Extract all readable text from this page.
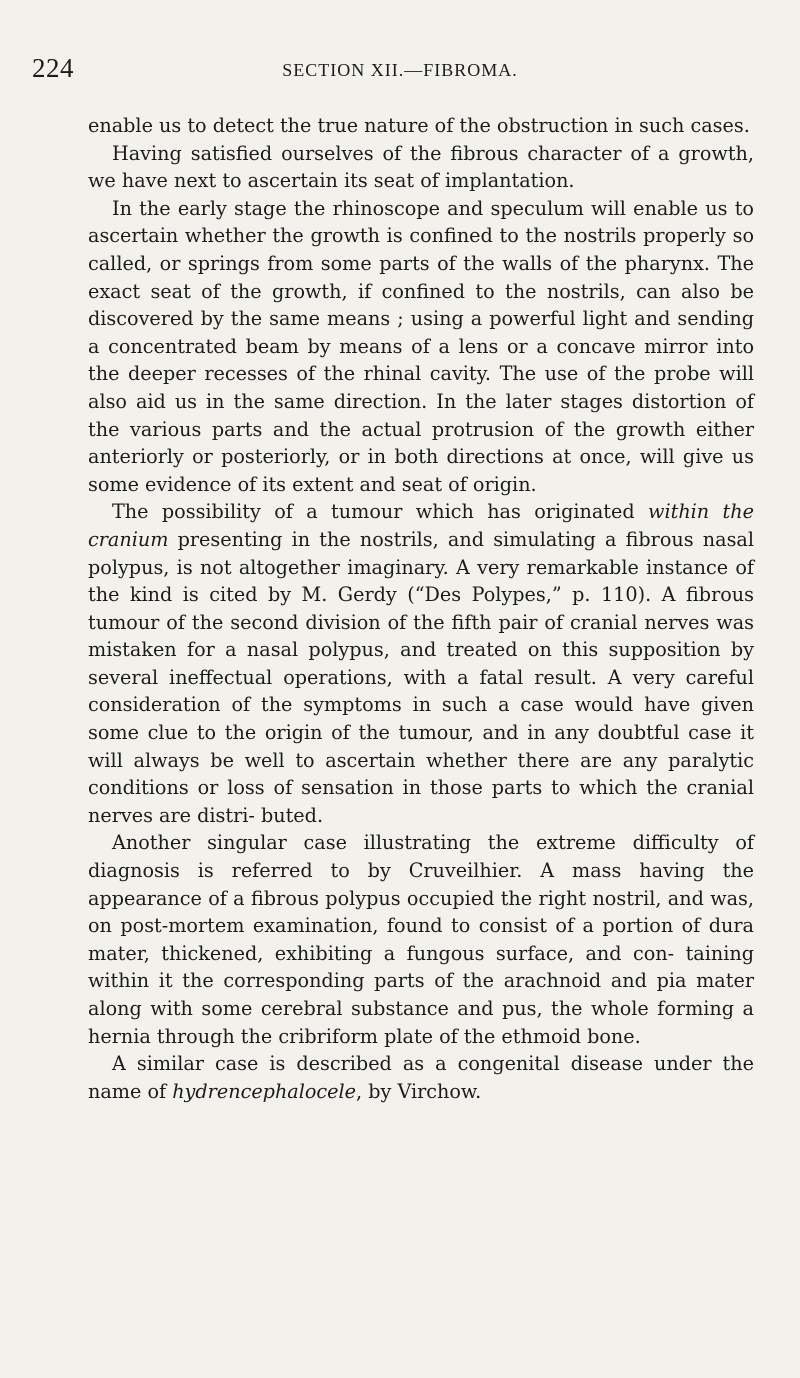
224	SECTION XII.—FIBROMA.

enable us to detect the true nature of the obstruction in such cases.

Having satisfied ourselves of the fibrous character of a growth, we have next to ascertain its seat of implantation.

In the early stage the rhinoscope and speculum will enable us to ascertain whether the growth is confined to the nostrils properly so called, or springs from some parts of the walls of the pharynx. The exact seat of the growth, if confined to the nostrils, can also be discovered by the same means ; using a powerful light and sending a concentrated beam by means of a lens or a concave mirror into the deeper recesses of the rhinal cavity. The use of the probe will also aid us in the same direction. In the later stages distortion of the various parts and the actual protrusion of the growth either anteriorly or posteriorly, or in both directions at once, will give us some evidence of its extent and seat of origin.

The possibility of a tumour which has originated within the cranium presenting in the nostrils, and simulating a fibrous nasal polypus, is not altogether imaginary. A very remarkable instance of the kind is cited by M. Gerdy (“Des Polypes,” p. 110). A fibrous tumour of the second division of the fifth pair of cranial nerves was mistaken for a nasal polypus, and treated on this supposition by several ineffectual operations, with a fatal result. A very careful consideration of the symptoms in such a case would have given some clue to the origin of the tumour, and in any doubtful case it will always be well to ascertain whether there are any paralytic conditions or loss of sensation in those parts to which the cranial nerves are distri- buted.

Another singular case illustrating the extreme difficulty of diagnosis is referred to by Cruveilhier. A mass having the appearance of a fibrous polypus occupied the right nostril, and was, on post-mortem examination, found to consist of a portion of dura mater, thickened, exhibiting a fungous surface, and con- taining within it the corresponding parts of the arachnoid and pia mater along with some cerebral substance and pus, the whole forming a hernia through the cribriform plate of the ethmoid bone.

A similar case is described as a congenital disease under the name of hydrencephalocele, by Virchow.
